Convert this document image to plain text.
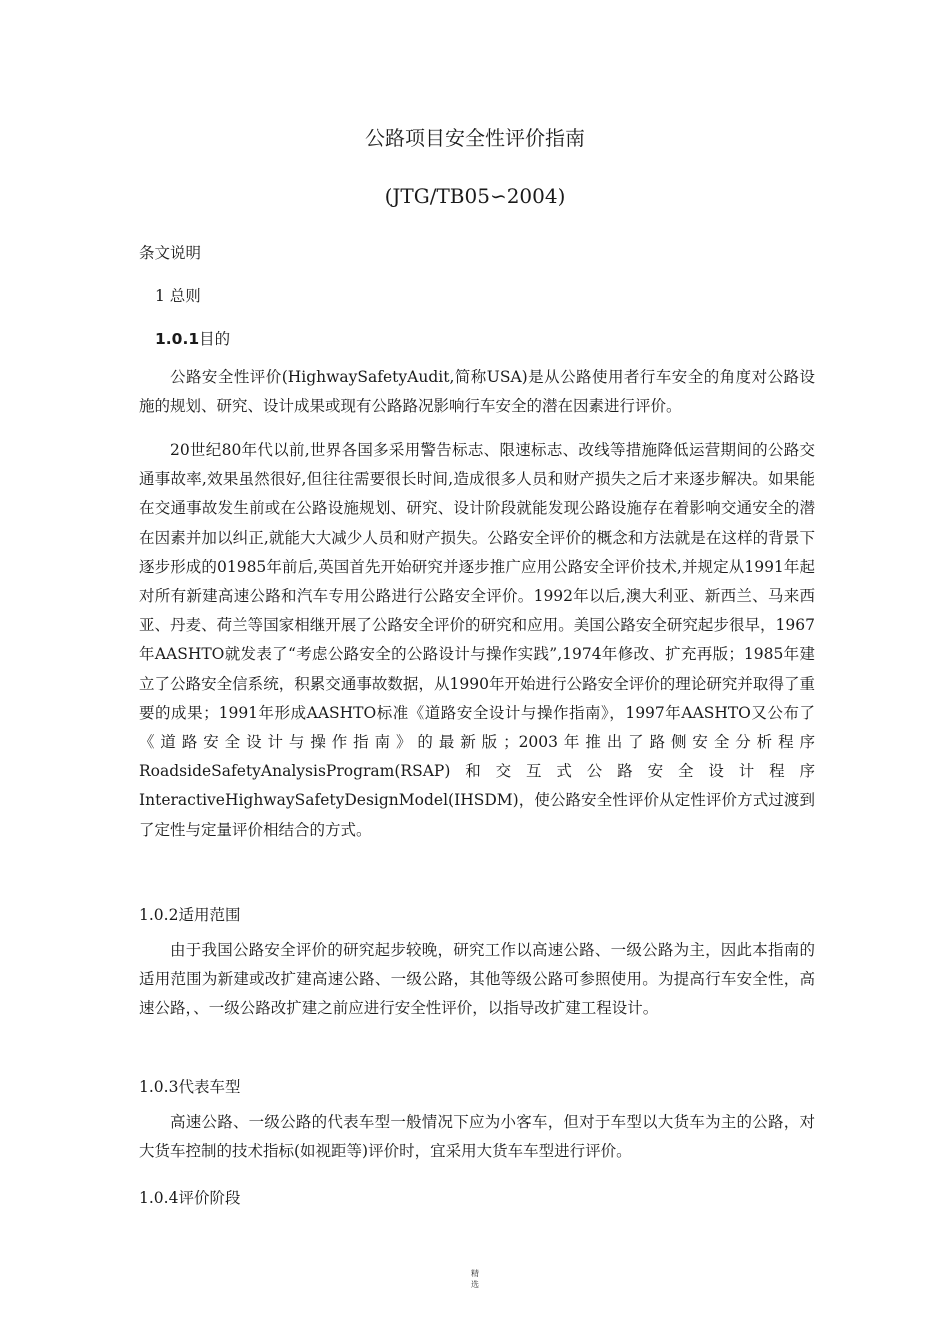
公路项目安全性评价指南
(JTG/TB05∽2004)
条文说明
1 总则
1.0.1目的

公路安全性评价(HighwaySafetyAudit,简称USA)是从公路使用者行车安全的角度对公路设施的规划、研究、设计成果或现有公路路况影响行车安全的潜在因素进行评价。

20世纪80年代以前,世界各国多采用警告标志、限速标志、改线等措施降低运营期间的公路交通事故率,效果虽然很好,但往往需要很长时间,造成很多人员和财产损失之后才来逐步解决。如果能在交通事故发生前或在公路设施规划、研究、设计阶段就能发现公路设施存在着影响交通安全的潜在因素并加以纠正,就能大大减少人员和财产损失。公路安全评价的概念和方法就是在这样的背景下逐步形成的01985年前后,英国首先开始研究并逐步推广应用公路安全评价技术,并规定从1991年起对所有新建高速公路和汽车专用公路进行公路安全评价。1992年以后,澳大利亚、新西兰、马来西亚、丹麦、荷兰等国家相继开展了公路安全评价的研究和应用。美国公路安全研究起步很早，1967年AASHTO就发表了“考虑公路安全的公路设计与操作实践”,1974年修改、扩充再版；1985年建立了公路安全信系统，积累交通事故数据，从1990年开始进行公路安全评价的理论研究并取得了重要的成果；1991年形成AASHTO标准《道路安全设计与操作指南》，1997年AASHTO又公布了《道路安全设计与操作指南》的最新版；2003年推出了路侧安全分析程序RoadsideSafetyAnalysisProgram(RSAP)和交互式公路安全设计程序InteractiveHighwaySafetyDesignModel(IHSDM)，使公路安全性评价从定性评价方式过渡到了定性与定量评价相结合的方式。

1.0.2适用范围

由于我国公路安全评价的研究起步较晚，研究工作以高速公路、一级公路为主，因此本指南的适用范围为新建或改扩建高速公路、一级公路，其他等级公路可参照使用。为提高行车安全性，高速公路，、一级公路改扩建之前应进行安全性评价，以指导改扩建工程设计。

1.0.3代表车型

高速公路、一级公路的代表车型一般情况下应为小客车，但对于车型以大货车为主的公路，对大货车控制的技术指标(如视距等)评价时，宜采用大货车车型进行评价。

1.0.4评价阶段
精
选
